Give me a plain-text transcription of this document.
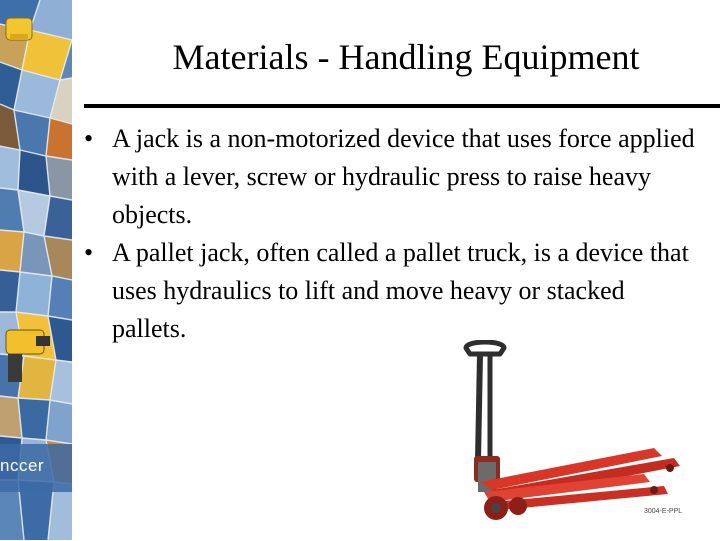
nccer
Materials - Handling Equipment
• A jack is a non-motorized device that uses force applied with a lever, screw or hydraulic press to raise heavy objects.
• A pallet jack, often called a pallet truck, is a device that uses hydraulics to lift and move heavy or stacked pallets.
3004-E-PPL
